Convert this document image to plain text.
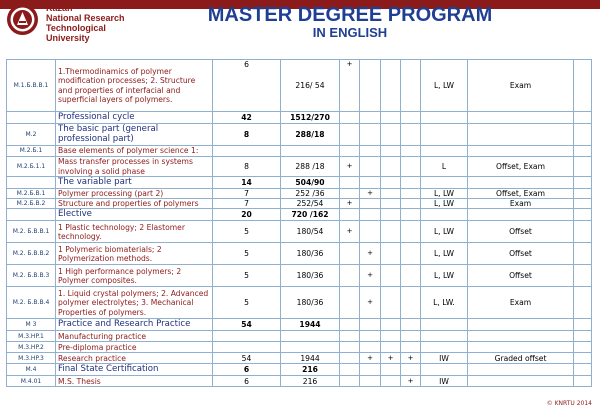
Kazan
National Research
Technological
University
MASTER DEGREE PROGRAM
IN ENGLISH
M.1.Б.В.B.1	1.Thermodinamics of polymer modification processes; 2. Structure and properties of interfacial and superficial layers of polymers.	6	216/ 54	+				L, LW	Exam	
	Professional cycle	42	1512/270							
M.2	The basic part (general professional part)	8	288/18							
M.2.Б.1	Base elements of polymer science 1:									
M.2.Б.1.1	Mass transfer processes in systems involving a solid phase	8	288 /18	+				L	Offset, Exam	
	The variable part	14	504/90							
M.2.Б.B.1	Polymer processing (part 2)	7	252 /36		+			L, LW	Offset, Exam	
M.2.Б.B.2	Structure and properties of polymers	7	252/54	+				L, LW	Exam	
	Elective	20	720 /162							
M.2. Б.В.В.1	1 Plastic technology; 2 Elastomer technology.	5	180/54	+				L, LW	Offset	
M.2. Б.В.В.2	1 Polymeric biomaterials; 2 Polymerization methods.	5	180/36		+			L, LW	Offset	
M.2. Б.В.В.3	1 High performance polymers; 2 Polymer composites.	5	180/36		+			L, LW	Offset	
M.2. Б.В.В.4	1. Liquid crystal polymers; 2. Advanced polymer electrolytes; 3. Mechanical Properties of polymers.	5	180/36		+			L, LW.	Exam	
M 3	Practice and Research Practice	54	1944							
M.3.HP.1	Manufacturing practice									
M.3.HP.2	Pre-diploma practice									
M.3.HP.3	Research practice	54	1944		+	+	+	IW	Graded offset	
M.4	Final State Certification	6	216							
M.4.01	M.S. Thesis	6	216				+	IW		
© KNRTU 2014
